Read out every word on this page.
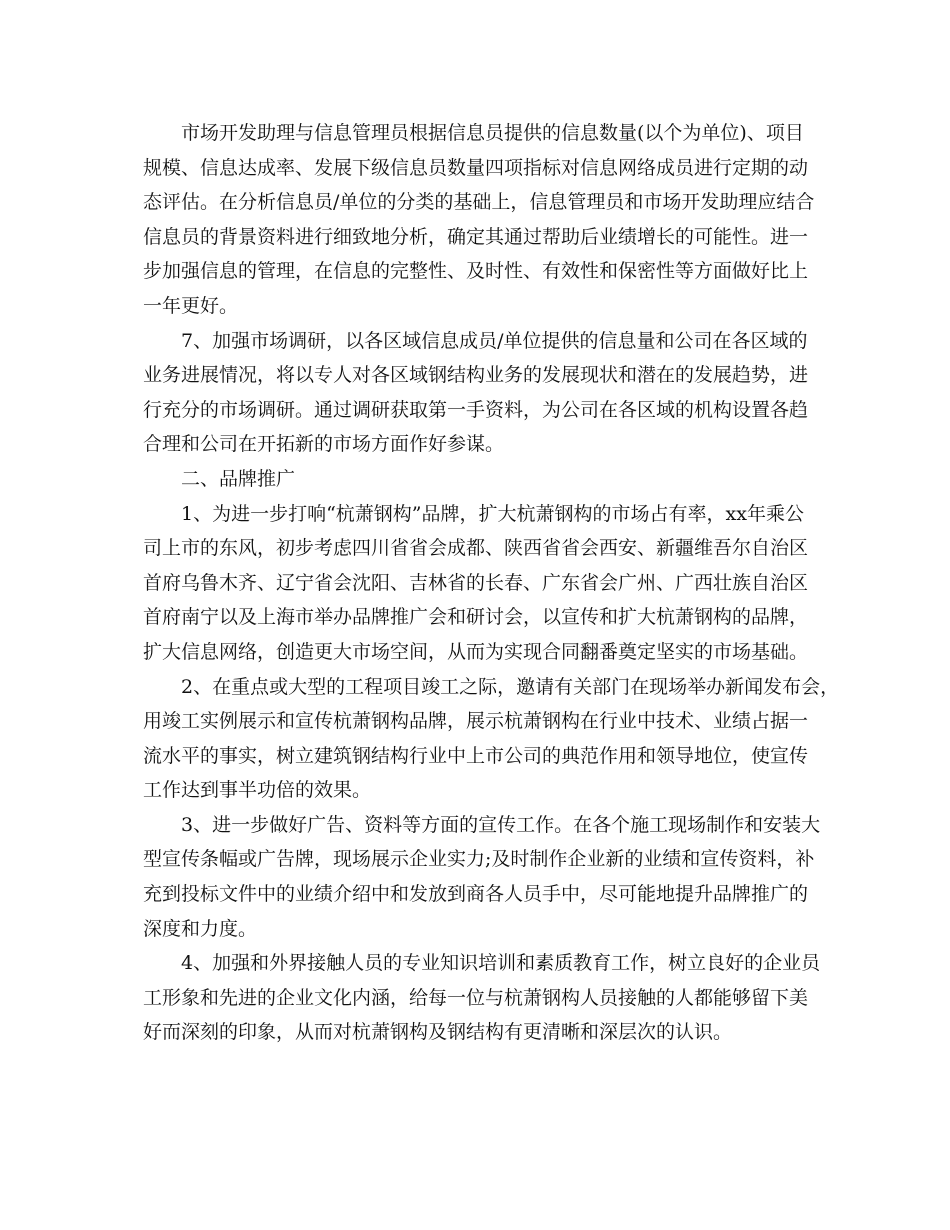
市场开发助理与信息管理员根据信息员提供的信息数量(以个为单位)、项目
规模、信息达成率、发展下级信息员数量四项指标对信息网络成员进行定期的动
态评估。在分析信息员/单位的分类的基础上，信息管理员和市场开发助理应结合
信息员的背景资料进行细致地分析，确定其通过帮助后业绩增长的可能性。进一
步加强信息的管理，在信息的完整性、及时性、有效性和保密性等方面做好比上
一年更好。
7、加强市场调研，以各区域信息成员/单位提供的信息量和公司在各区域的
业务进展情况，将以专人对各区域钢结构业务的发展现状和潜在的发展趋势，进
行充分的市场调研。通过调研获取第一手资料，为公司在各区域的机构设置各趋
合理和公司在开拓新的市场方面作好参谋。
二、品牌推广
1、为进一步打响“杭萧钢构”品牌，扩大杭萧钢构的市场占有率，xx年乘公
司上市的东风，初步考虑四川省省会成都、陕西省省会西安、新疆维吾尔自治区
首府乌鲁木齐、辽宁省会沈阳、吉林省的长春、广东省会广州、广西壮族自治区
首府南宁以及上海市举办品牌推广会和研讨会，以宣传和扩大杭萧钢构的品牌，
扩大信息网络，创造更大市场空间，从而为实现合同翻番奠定坚实的市场基础。
2、在重点或大型的工程项目竣工之际，邀请有关部门在现场举办新闻发布会，
用竣工实例展示和宣传杭萧钢构品牌，展示杭萧钢构在行业中技术、业绩占据一
流水平的事实，树立建筑钢结构行业中上市公司的典范作用和领导地位，使宣传
工作达到事半功倍的效果。
3、进一步做好广告、资料等方面的宣传工作。在各个施工现场制作和安装大
型宣传条幅或广告牌，现场展示企业实力;及时制作企业新的业绩和宣传资料，补
充到投标文件中的业绩介绍中和发放到商各人员手中，尽可能地提升品牌推广的
深度和力度。
4、加强和外界接触人员的专业知识培训和素质教育工作，树立良好的企业员
工形象和先进的企业文化内涵，给每一位与杭萧钢构人员接触的人都能够留下美
好而深刻的印象，从而对杭萧钢构及钢结构有更清晰和深层次的认识。
